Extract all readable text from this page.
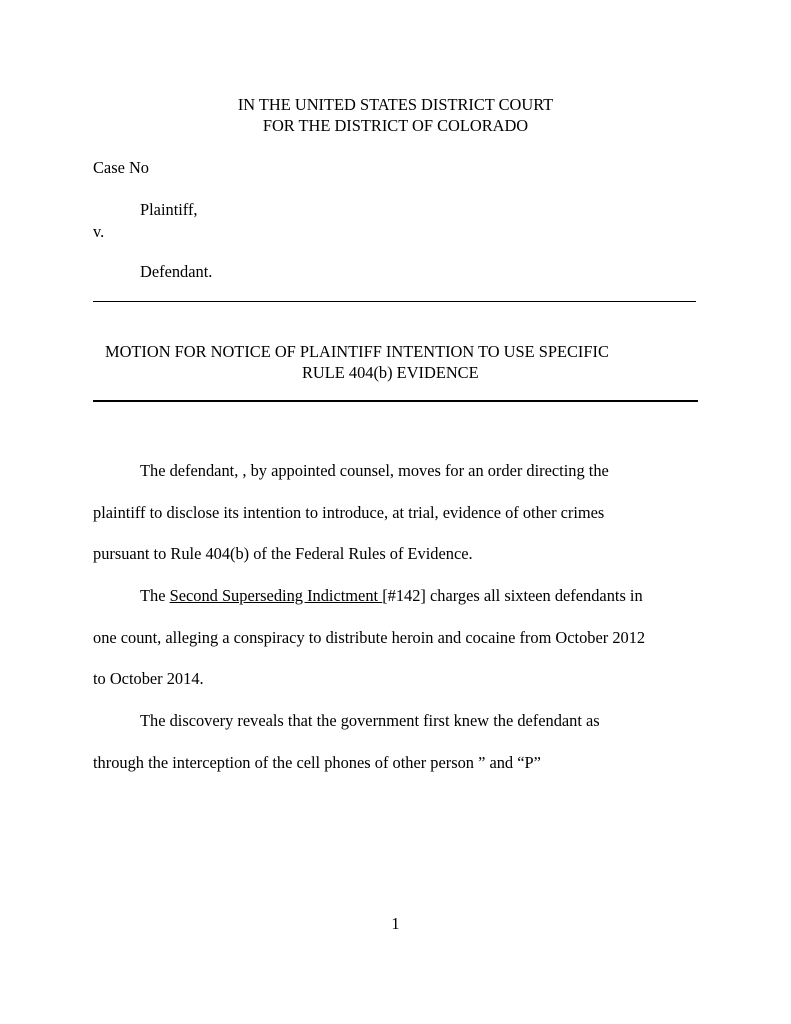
IN THE UNITED STATES DISTRICT COURT
FOR THE DISTRICT OF COLORADO
Case No
Plaintiff,
v.
Defendant.
MOTION FOR NOTICE OF PLAINTIFF INTENTION TO USE SPECIFIC
RULE 404(b) EVIDENCE
The defendant, , by appointed counsel, moves for an order directing the
plaintiff to disclose its intention to introduce, at trial, evidence of other crimes
pursuant to Rule 404(b) of the Federal Rules of Evidence.
The Second Superseding Indictment [#142] charges all sixteen defendants in
one count, alleging a conspiracy to distribute heroin and cocaine from October 2012
to October 2014.
The discovery reveals that the government first knew the defendant as
through the interception of the cell phones of other person ” and “P”
1
